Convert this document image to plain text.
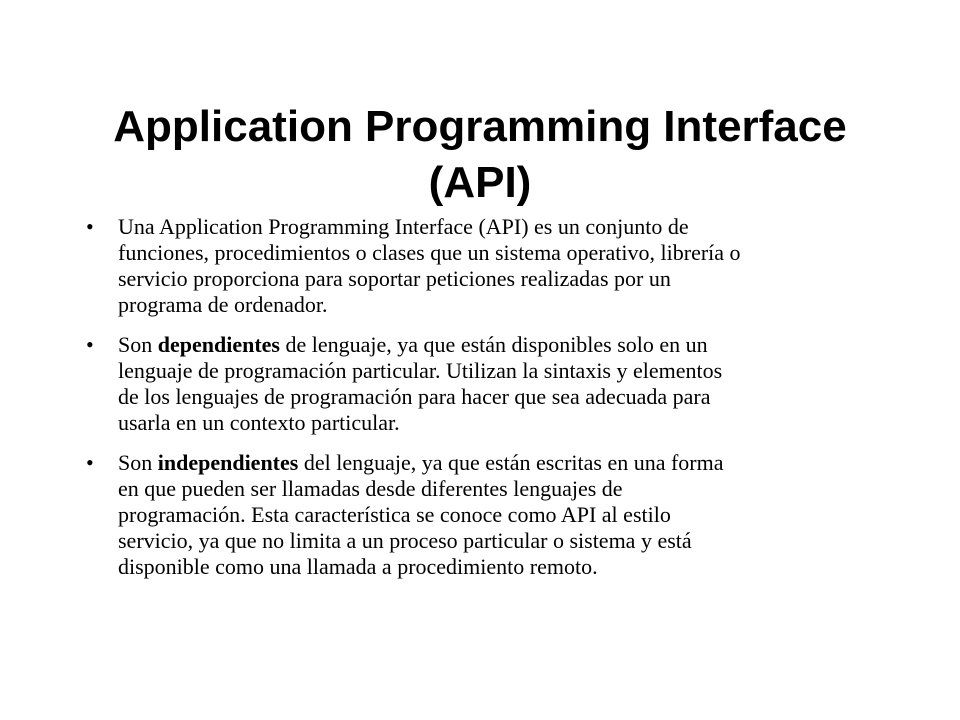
Application Programming Interface
(API)
• Una Application Programming Interface (API) es un conjunto de
funciones, procedimientos o clases que un sistema operativo, librería o
servicio proporciona para soportar peticiones realizadas por un
programa de ordenador.
• Son dependientes de lenguaje, ya que están disponibles solo en un
lenguaje de programación particular. Utilizan la sintaxis y elementos
de los lenguajes de programación para hacer que sea adecuada para
usarla en un contexto particular.
• Son independientes del lenguaje, ya que están escritas en una forma
en que pueden ser llamadas desde diferentes lenguajes de
programación. Esta característica se conoce como API al estilo
servicio, ya que no limita a un proceso particular o sistema y está
disponible como una llamada a procedimiento remoto.
